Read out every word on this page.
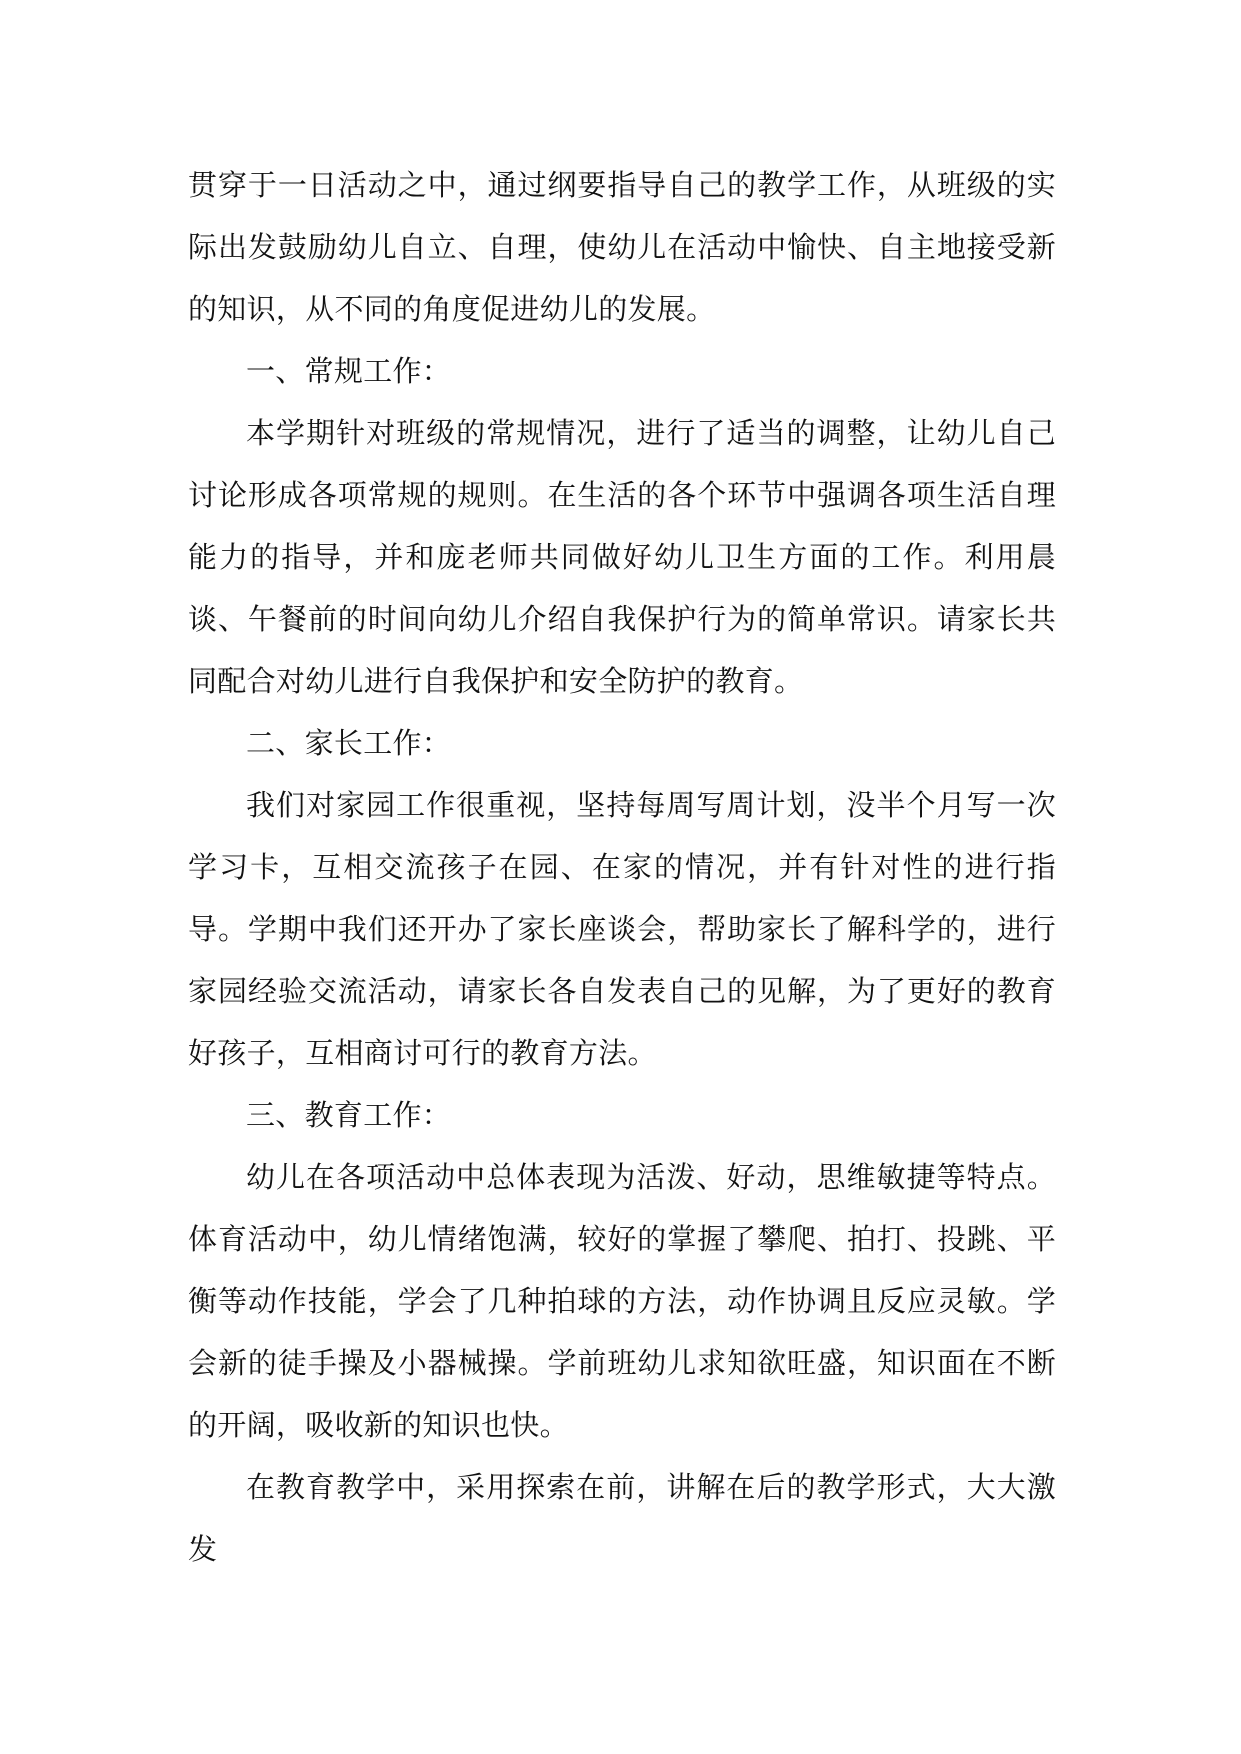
贯穿于一日活动之中，通过纲要指导自己的教学工作，从班级的实际出发鼓励幼儿自立、自理，使幼儿在活动中愉快、自主地接受新的知识，从不同的角度促进幼儿的发展。

一、常规工作：

本学期针对班级的常规情况，进行了适当的调整，让幼儿自己讨论形成各项常规的规则。在生活的各个环节中强调各项生活自理能力的指导，并和庞老师共同做好幼儿卫生方面的工作。利用晨谈、午餐前的时间向幼儿介绍自我保护行为的简单常识。请家长共同配合对幼儿进行自我保护和安全防护的教育。

二、家长工作：

我们对家园工作很重视，坚持每周写周计划，没半个月写一次学习卡，互相交流孩子在园、在家的情况，并有针对性的进行指导。学期中我们还开办了家长座谈会，帮助家长了解科学的，进行家园经验交流活动，请家长各自发表自己的见解，为了更好的教育好孩子，互相商讨可行的教育方法。

三、教育工作：

幼儿在各项活动中总体表现为活泼、好动，思维敏捷等特点。体育活动中，幼儿情绪饱满，较好的掌握了攀爬、拍打、投跳、平衡等动作技能，学会了几种拍球的方法，动作协调且反应灵敏。学会新的徒手操及小器械操。学前班幼儿求知欲旺盛，知识面在不断的开阔，吸收新的知识也快。

在教育教学中，采用探索在前，讲解在后的教学形式，大大激发
